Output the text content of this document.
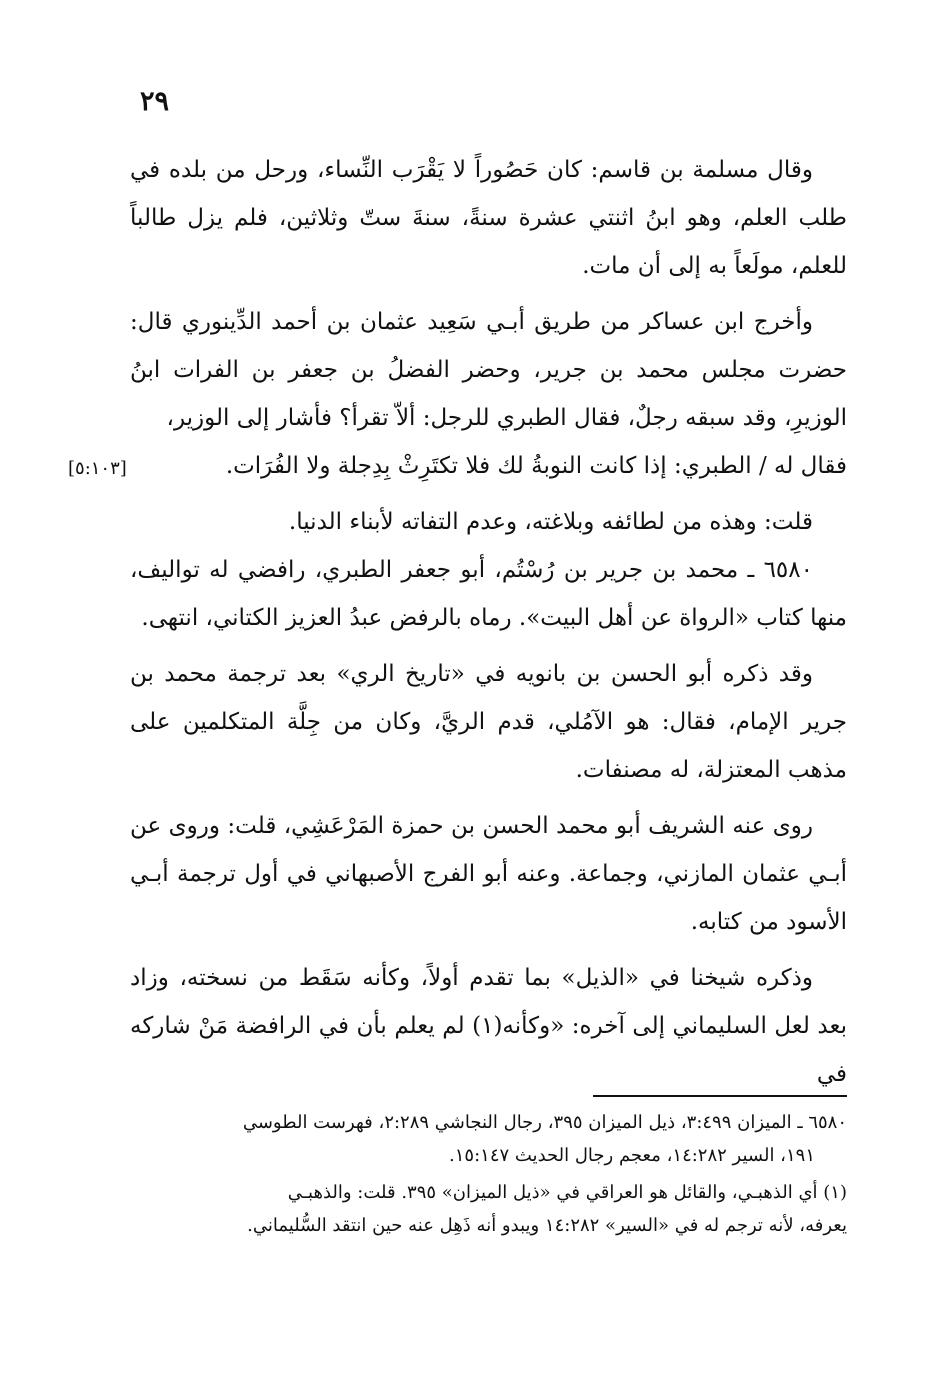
٢٩

وقال مسلمة بن قاسم: كان حَصُوراً لا يَقْرَب النِّساء، ورحل من بلده في طلب العلم، وهو ابنُ اثنتي عشرة سنةً، سنةَ ستّ وثلاثين، فلم يزل طالباً للعلم، مولَعاً به إلى أن مات.

وأخرج ابن عساكر من طريق أبـي سَعِيد عثمان بن أحمد الدِّينوري قال: حضرت مجلس محمد بن جرير، وحضر الفضلُ بن جعفر بن الفرات ابنُ الوزيرِ، وقد سبقه رجلٌ، فقال الطبري للرجل: ألاّ تقرأ؟ فأشار إلى الوزير،

[٥:١٠٣]	فقال له / الطبري: إذا كانت النوبةُ لك فلا تكتَرِثْ بِدِجلة ولا الفُرَات.

قلت: وهذه من لطائفه وبلاغته، وعدم التفاته لأبناء الدنيا.

٦٥٨٠ ـ محمد بن جرير بن رُسْتُم، أبو جعفر الطبري، رافضي له تواليف، منها كتاب «الرواة عن أهل البيت». رماه بالرفض عبدُ العزيز الكتاني، انتهى.

وقد ذكره أبو الحسن بن بانويه في «تاريخ الري» بعد ترجمة محمد بن جرير الإمام، فقال: هو الآمُلي، قدم الريَّ، وكان من جِلَّة المتكلمين على مذهب المعتزلة، له مصنفات.

روى عنه الشريف أبو محمد الحسن بن حمزة المَرْعَشِي، قلت: وروى عن أبـي عثمان المازني، وجماعة. وعنه أبو الفرج الأصبهاني في أول ترجمة أبـي الأسود من كتابه.

وذكره شيخنا في «الذيل» بما تقدم أولاً، وكأنه سَقَط من نسخته، وزاد بعد لعل السليماني إلى آخره: «وكأنه(١) لم يعلم بأن في الرافضة مَنْ شاركه في

٦٥٨٠ ـ الميزان ٣:٤٩٩، ذيل الميزان ٣٩٥، رجال النجاشي ٢:٢٨٩، فهرست الطوسي
١٩١، السير ١٤:٢٨٢، معجم رجال الحديث ١٥:١٤٧.

(١) أي الذهبـي، والقائل هو العراقي في «ذيل الميزان» ٣٩٥. قلت: والذهبـي
يعرفه، لأنه ترجم له في «السير» ١٤:٢٨٢ ويبدو أنه ذَهِل عنه حين انتقد السُّليماني.
